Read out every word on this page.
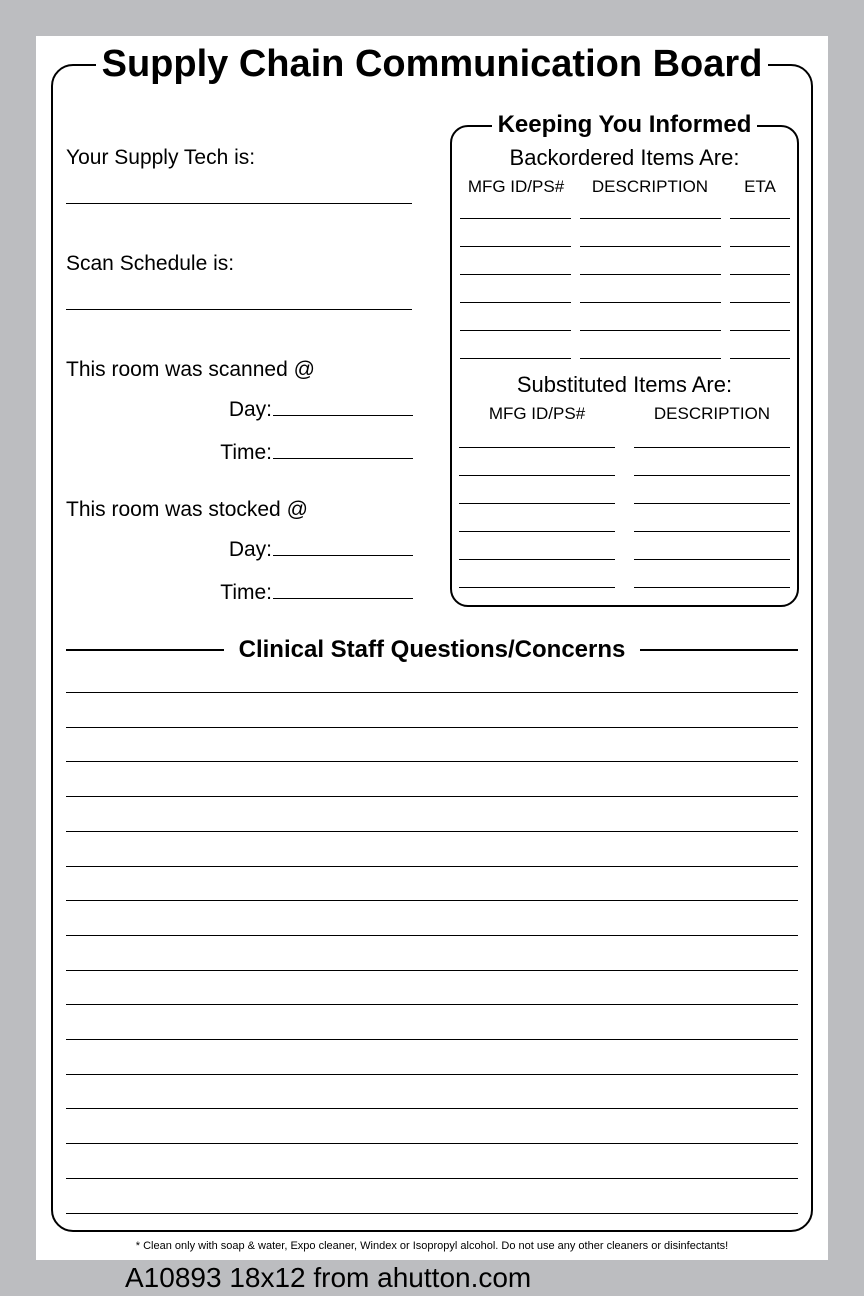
Supply Chain Communication Board
Your Supply Tech is:
Scan Schedule is:
This room was scanned @
Day:
Time:
This room was stocked @
Day:
Time:
Keeping You Informed
Backordered Items Are:
MFG ID/PS#	DESCRIPTION	ETA
Substituted Items Are:
MFG ID/PS#	DESCRIPTION
Clinical Staff Questions/Concerns
* Clean only with soap & water, Expo cleaner, Windex or Isopropyl alcohol. Do not use any other cleaners or disinfectants!
A10893 18x12 from ahutton.com
